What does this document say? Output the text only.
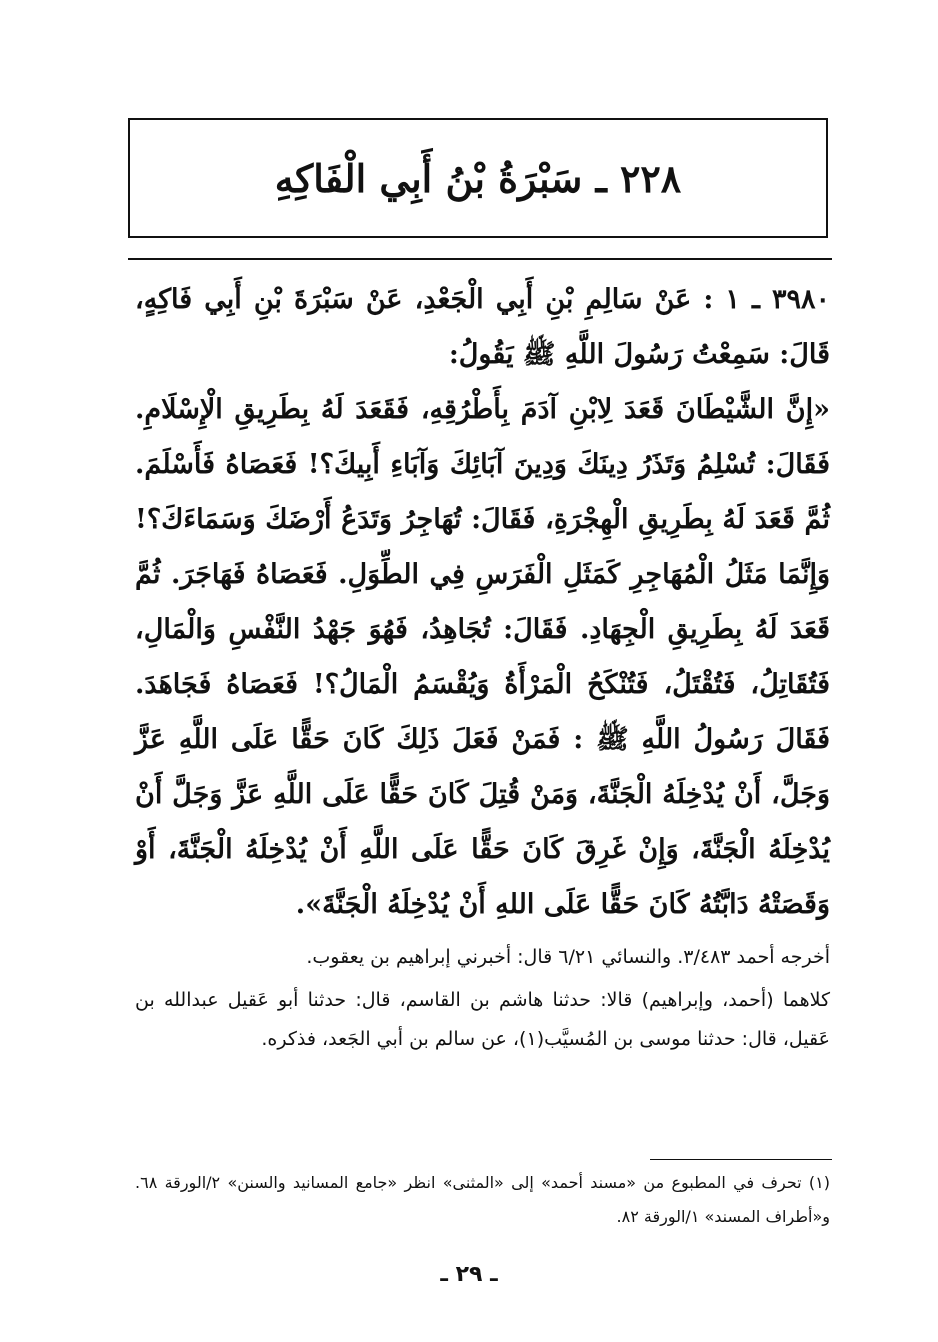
٢٢٨ ـ سَبْرَةُ بْنُ أَبِي الْفَاكِهِ

٣٩٨٠ ـ ١ : عَنْ سَالِمِ بْنِ أَبِي الْجَعْدِ، عَنْ سَبْرَةَ بْنِ أَبِي فَاكِهٍ، قَالَ: سَمِعْتُ رَسُولَ اللَّهِ ﷺ يَقُولُ:

«إِنَّ الشَّيْطَانَ قَعَدَ لِابْنِ آدَمَ بِأَطْرُقِهِ، فَقَعَدَ لَهُ بِطَرِيقِ الْإِسْلَامِ. فَقَالَ: تُسْلِمُ وَتَذَرُ دِينَكَ وَدِينَ آبَائِكَ وَآبَاءِ أَبِيكَ؟! فَعَصَاهُ فَأَسْلَمَ. ثُمَّ قَعَدَ لَهُ بِطَرِيقِ الْهِجْرَةِ، فَقَالَ: تُهَاجِرُ وَتَدَعُ أَرْضَكَ وَسَمَاءَكَ؟! وَإِنَّمَا مَثَلُ الْمُهَاجِرِ كَمَثَلِ الْفَرَسِ فِي الطِّوَلِ. فَعَصَاهُ فَهَاجَرَ. ثُمَّ قَعَدَ لَهُ بِطَرِيقِ الْجِهَادِ. فَقَالَ: تُجَاهِدُ، فَهُوَ جَهْدُ النَّفْسِ وَالْمَالِ، فَتُقَاتِلُ، فَتُقْتَلُ، فَتُنْكَحُ الْمَرْأَةُ وَيُقْسَمُ الْمَالُ؟! فَعَصَاهُ فَجَاهَدَ. فَقَالَ رَسُولُ اللَّهِ ﷺ : فَمَنْ فَعَلَ ذَلِكَ كَانَ حَقًّا عَلَى اللَّهِ عَزَّ وَجَلَّ، أَنْ يُدْخِلَهُ الْجَنَّةَ، وَمَنْ قُتِلَ كَانَ حَقًّا عَلَى اللَّهِ عَزَّ وَجَلَّ أَنْ يُدْخِلَهُ الْجَنَّةَ، وَإِنْ غَرِقَ كَانَ حَقًّا عَلَى اللَّهِ أَنْ يُدْخِلَهُ الْجَنَّةَ، أَوْ وَقَصَتْهُ دَابَّتُهُ كَانَ حَقًّا عَلَى اللهِ أَنْ يُدْخِلَهُ الْجَنَّةَ».

أخرجه أحمد ٣/٤٨٣. والنسائي ٦/٢١ قال: أخبرني إبراهيم بن يعقوب.

كلاهما (أحمد، وإبراهيم) قالا: حدثنا هاشم بن القاسم، قال: حدثنا أبو عَقيل عبدالله بن عَقيل، قال: حدثنا موسى بن المُسيَّب(١)، عن سالم بن أبي الجَعد، فذكره.

(١) تحرف في المطبوع من «مسند أحمد» إلى «المثنى» انظر «جامع المسانيد والسنن» ٢/الورقة ٦٨. و«أطراف المسند» ١/الورقة ٨٢.

ـ ٢٩ ـ
